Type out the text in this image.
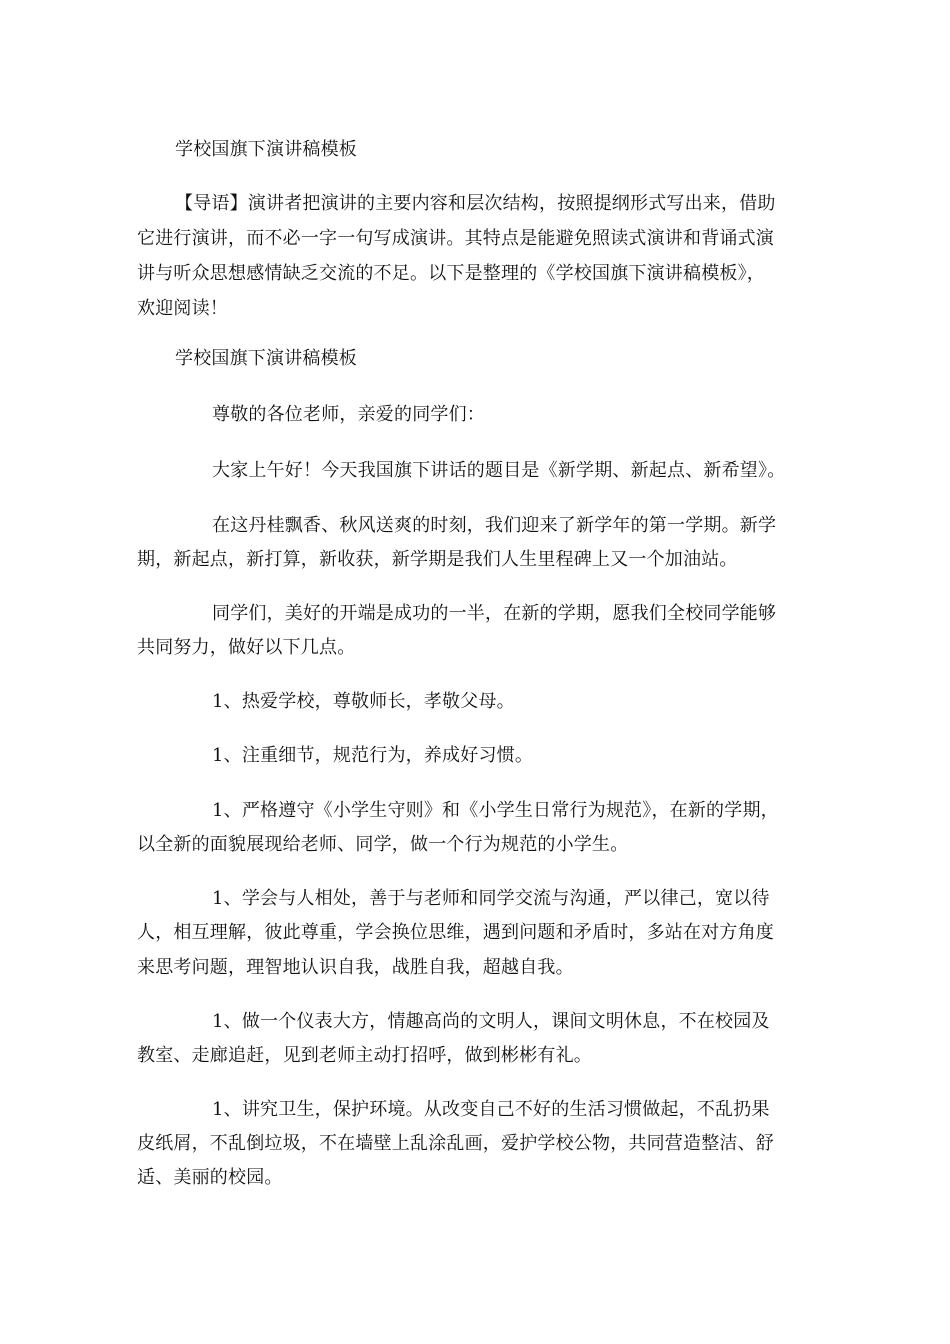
学校国旗下演讲稿模板
【导语】演讲者把演讲的主要内容和层次结构，按照提纲形式写出来，借助
它进行演讲，而不必一字一句写成演讲。其特点是能避免照读式演讲和背诵式演
讲与听众思想感情缺乏交流的不足。以下是整理的《学校国旗下演讲稿模板》，
欢迎阅读！
学校国旗下演讲稿模板
尊敬的各位老师，亲爱的同学们：
大家上午好！今天我国旗下讲话的题目是《新学期、新起点、新希望》。
在这丹桂飘香、秋风送爽的时刻，我们迎来了新学年的第一学期。新学
期，新起点，新打算，新收获，新学期是我们人生里程碑上又一个加油站。
同学们，美好的开端是成功的一半，在新的学期，愿我们全校同学能够
共同努力，做好以下几点。
1、热爱学校，尊敬师长，孝敬父母。
1、注重细节，规范行为，养成好习惯。
1、严格遵守《小学生守则》和《小学生日常行为规范》，在新的学期，
以全新的面貌展现给老师、同学，做一个行为规范的小学生。
1、学会与人相处，善于与老师和同学交流与沟通，严以律己，宽以待
人，相互理解，彼此尊重，学会换位思维，遇到问题和矛盾时，多站在对方角度
来思考问题，理智地认识自我，战胜自我，超越自我。
1、做一个仪表大方，情趣高尚的文明人，课间文明休息，不在校园及
教室、走廊追赶，见到老师主动打招呼，做到彬彬有礼。
1、讲究卫生，保护环境。从改变自己不好的生活习惯做起，不乱扔果
皮纸屑，不乱倒垃圾，不在墙壁上乱涂乱画，爱护学校公物，共同营造整洁、舒
适、美丽的校园。
